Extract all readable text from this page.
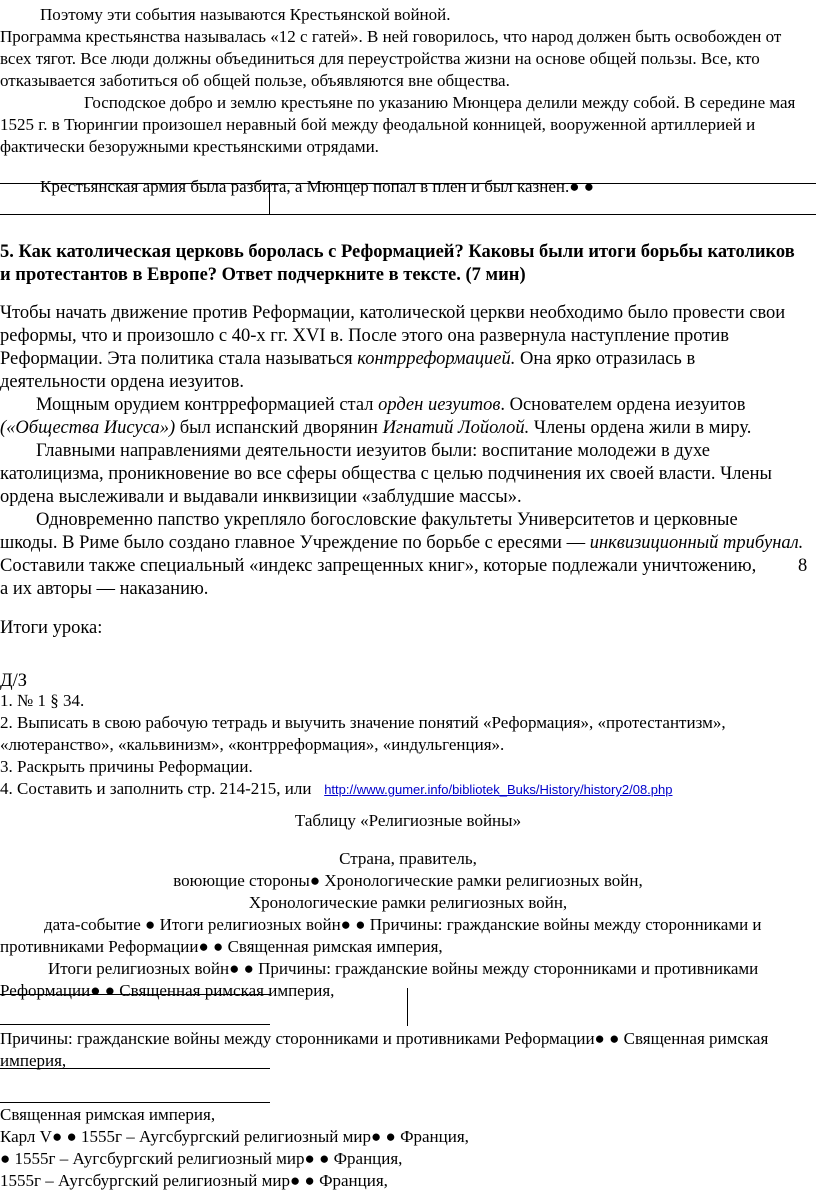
Поэтому эти события называются Крестьянской войной.
Программа крестьянства называлась «12 с гатей». В ней говорилось, что народ должен быть освобожден от
всех тягот. Все люди должны объединиться для переустройства жизни на основе общей пользы. Все, кто
отказывается заботиться об общей пользе, объявляются вне общества.
Господское добро и землю крестьяне по указанию Мюнцера делили между собой. В середине мая
1525 г. в Тюрингии произошел неравный бой между феодальной конницей, вооруженной артиллерией и
фактически безоружными крестьянскими отрядами.
Крестьянская армия была разбита, а Мюнцер попал в плен и был казнен.● ●
5. Как католическая церковь боролась с Реформацией? Каковы были итоги борьбы католиков
и протестантов в Европе? Ответ подчеркните в тексте. (7 мин)
Чтобы начать движение против Реформации, католической церкви необходимо было провести свои
реформы, что и произошло с 40-х гг. XVI в. После этого она развернула наступление против
Реформации. Эта политика стала называться контрреформацией. Она ярко отразилась в
деятельности ордена иезуитов.
Мощным орудием контрреформацией стал орден иезуитов. Основателем ордена иезуитов
(«Общества Иисуса») был испанский дворянин Игнатий Лойолой. Члены ордена жили в миру.
Главными направлениями деятельности иезуитов были: воспитание молодежи в духе
католицизма, проникновение во все сферы общества с целью подчинения их своей власти. Члены
ордена выслеживали и выдавали инквизиции «заблудшие массы».
Одновременно папство укрепляло богословские факультеты Университетов и церковные
шкоды. В Риме было создано главное Учреждение по борьбе с ересями — инквизиционный трибунал.
Составили также специальный «индекс запрещенных книг», которые подлежали уничтожению, 8
а их авторы — наказанию.
Итоги урока:
Д/З
1. № 1 § 34.
2. Выписать в свою рабочую тетрадь и выучить значение понятий «Реформация», «протестантизм»,
«лютеранство», «кальвинизм», «контрреформация», «индульгенция».
3. Раскрыть причины Реформации.
4. Составить и заполнить стр. 214-215, или http://www.gumer.info/bibliotek_Buks/History/history2/08.php
Таблицу «Религиозные войны»
Страна, правитель,
воюющие стороны● Хронологические рамки религиозных войн,
Хронологические рамки религиозных войн,
дата-событие ● Итоги религиозных войн● ● Причины: гражданские войны между сторонниками и
противниками Реформации● ● Священная римская империя,
Итоги религиозных войн● ● Причины: гражданские войны между сторонниками и противниками
Реформации● ● Священная римская империя,
Причины: гражданские войны между сторонниками и противниками Реформации● ● Священная римская
империя,
Священная римская империя,
Карл V● ● 1555г – Аугсбургский религиозный мир● ● Франция,
● 1555г – Аугсбургский религиозный мир● ● Франция,
1555г – Аугсбургский религиозный мир● ● Франция,
